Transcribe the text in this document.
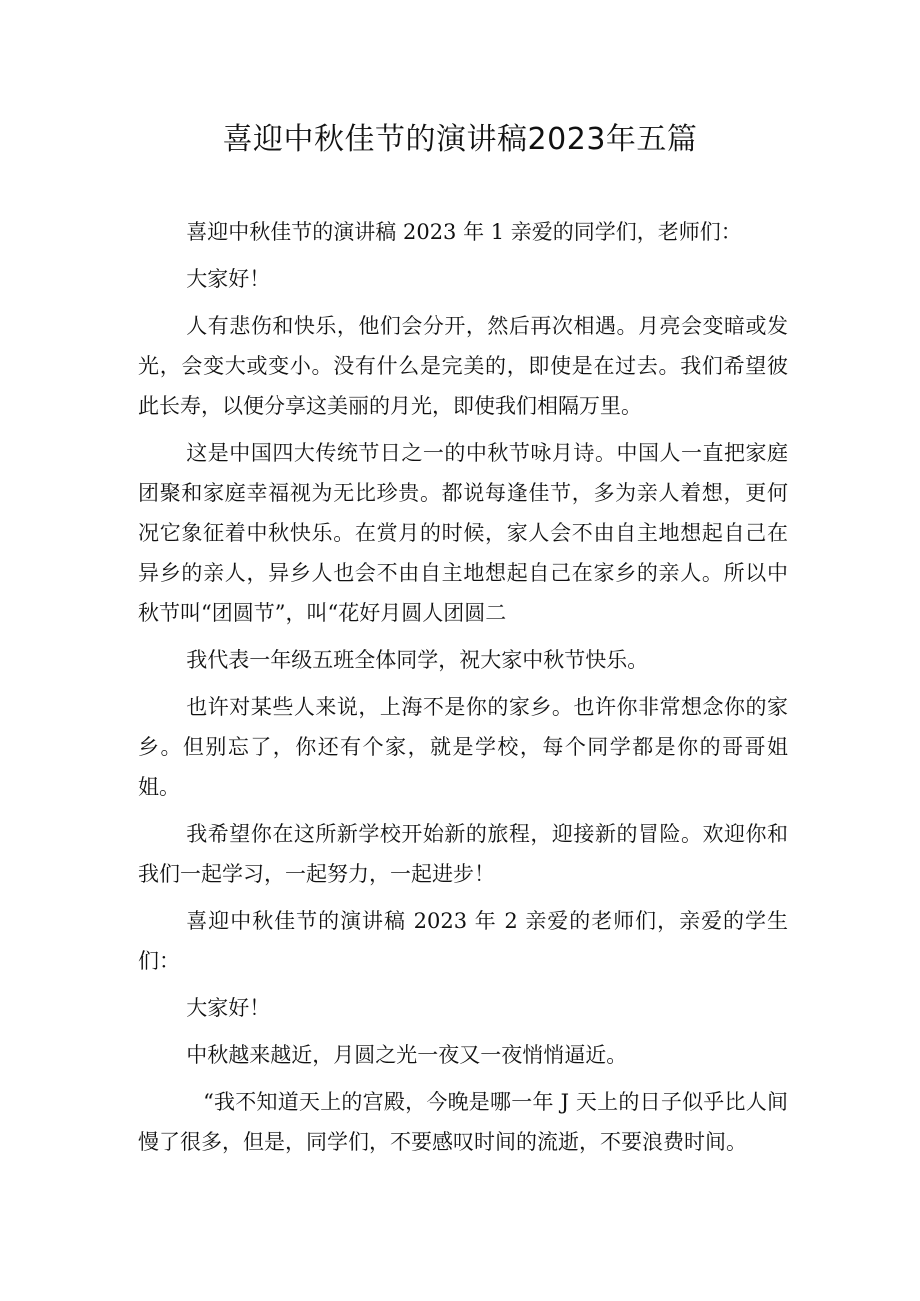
喜迎中秋佳节的演讲稿2023年五篇

喜迎中秋佳节的演讲稿 2023 年 1 亲爱的同学们，老师们：

大家好！

人有悲伤和快乐，他们会分开，然后再次相遇。月亮会变暗或发光，会变大或变小。没有什么是完美的，即使是在过去。我们希望彼此长寿，以便分享这美丽的月光，即使我们相隔万里。

这是中国四大传统节日之一的中秋节咏月诗。中国人一直把家庭团聚和家庭幸福视为无比珍贵。都说每逢佳节，多为亲人着想，更何况它象征着中秋快乐。在赏月的时候，家人会不由自主地想起自己在异乡的亲人，异乡人也会不由自主地想起自己在家乡的亲人。所以中秋节叫“团圆节”，叫“花好月圆人团圆二

我代表一年级五班全体同学，祝大家中秋节快乐。

也许对某些人来说，上海不是你的家乡。也许你非常想念你的家乡。但别忘了，你还有个家，就是学校，每个同学都是你的哥哥姐姐。

我希望你在这所新学校开始新的旅程，迎接新的冒险。欢迎你和我们一起学习，一起努力，一起进步！

喜迎中秋佳节的演讲稿 2023 年 2 亲爱的老师们，亲爱的学生们：

大家好！

中秋越来越近，月圆之光一夜又一夜悄悄逼近。

“我不知道天上的宫殿，今晚是哪一年 J 天上的日子似乎比人间慢了很多，但是，同学们，不要感叹时间的流逝，不要浪费时间。
